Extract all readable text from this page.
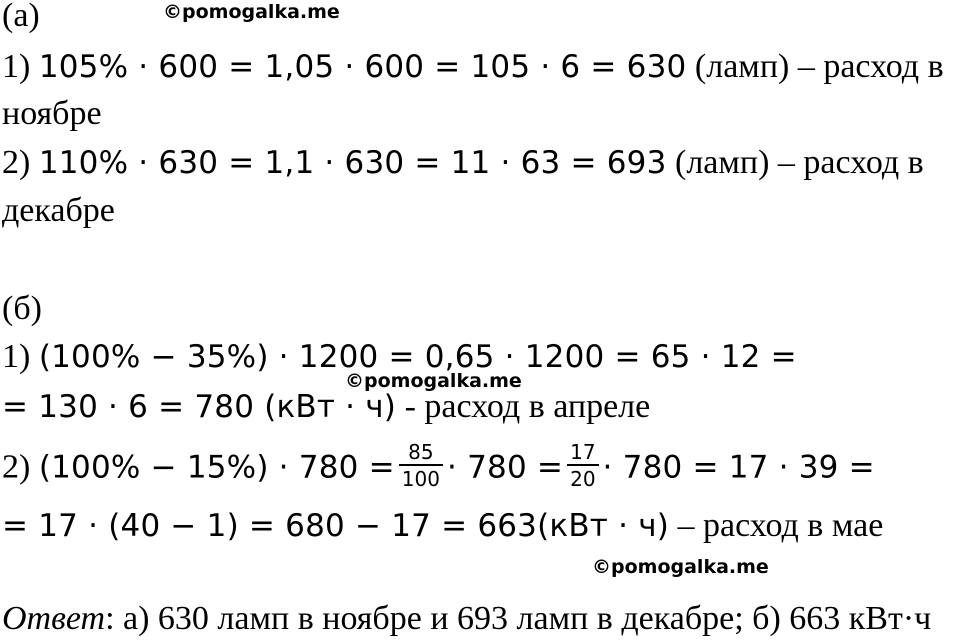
©pomogalka.me
©pomogalka.me
©pomogalka.me
(а)
1) 105% · 600 = 1,05 · 600 = 105 · 6 = 630 (ламп) – расход в
ноябре
2) 110% · 630 = 1,1 · 630 = 11 · 63 = 693 (ламп) – расход в
декабре
(б)
1) (100% − 35%) · 1200 = 0,65 · 1200 = 65 · 12 =
= 130 · 6 = 780 (кВт · ч) - расход в апреле
2) $(100\% - 15\%) \cdot 780 = \frac{85}{100} \cdot 780 = \frac{17}{20} \cdot 780 = 17 \cdot 39$ =
= 17 · (40 − 1) = 680 − 17 = 663(кВт · ч) – расход в мае
Ответ: а) 630 ламп в ноябре и 693 ламп в декабре; б) 663 кВт·ч
